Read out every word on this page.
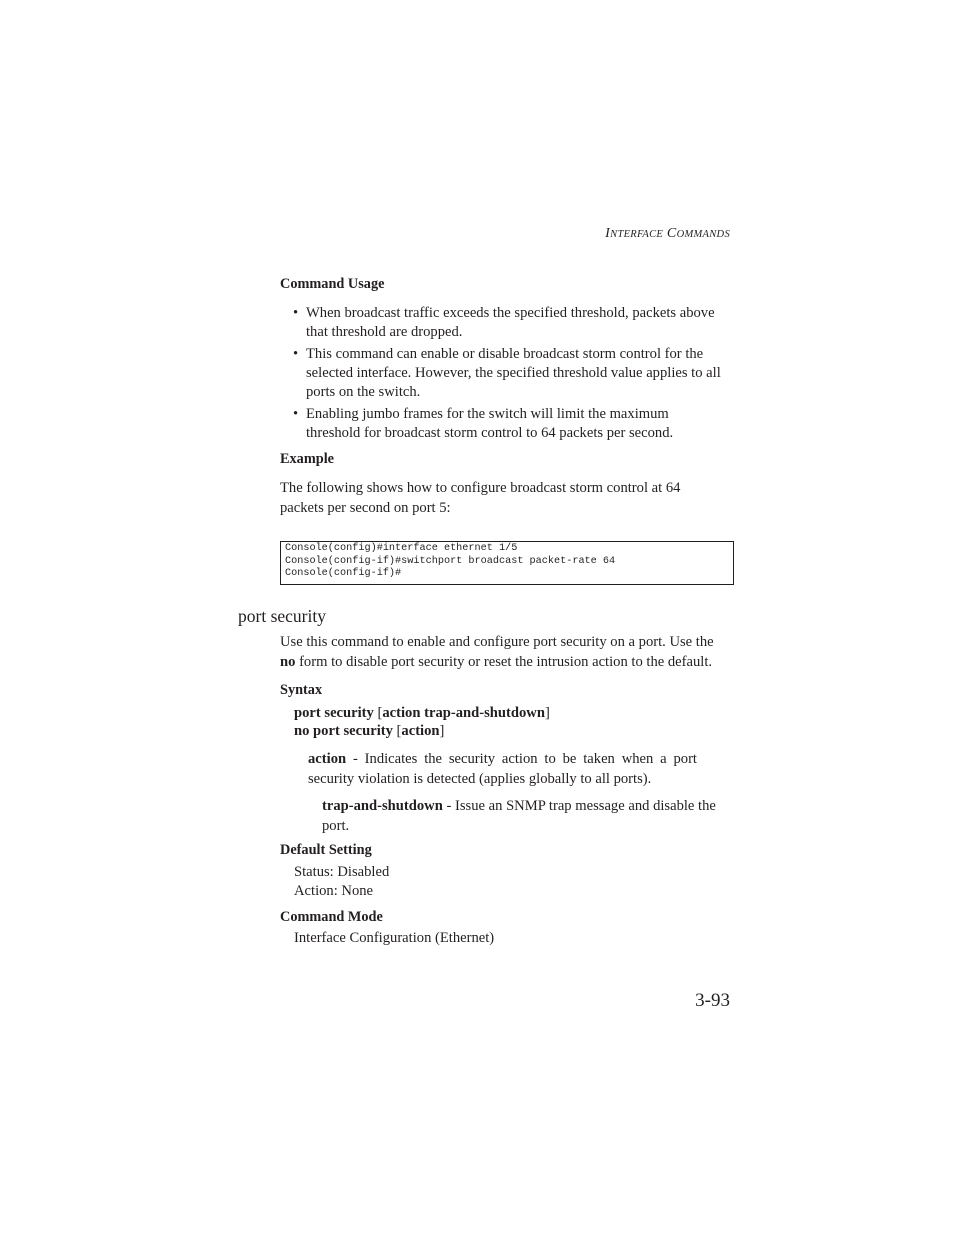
INTERFACE COMMANDS
Command Usage
• When broadcast traffic exceeds the specified threshold, packets above
that threshold are dropped.
• This command can enable or disable broadcast storm control for the
selected interface. However, the specified threshold value applies to all
ports on the switch.
• Enabling jumbo frames for the switch will limit the maximum
threshold for broadcast storm control to 64 packets per second.
Example
The following shows how to configure broadcast storm control at 64
packets per second on port 5:
Console(config)#interface ethernet 1/5
Console(config-if)#switchport broadcast packet-rate 64
Console(config-if)#
port security
Use this command to enable and configure port security on a port. Use the
no form to disable port security or reset the intrusion action to the default.
Syntax
port security [action trap-and-shutdown]
no port security [action]
action - Indicates the security action to be taken when a port
security violation is detected (applies globally to all ports).
trap-and-shutdown - Issue an SNMP trap message and disable the
port.
Default Setting
Status: Disabled
Action: None
Command Mode
Interface Configuration (Ethernet)
3-93
